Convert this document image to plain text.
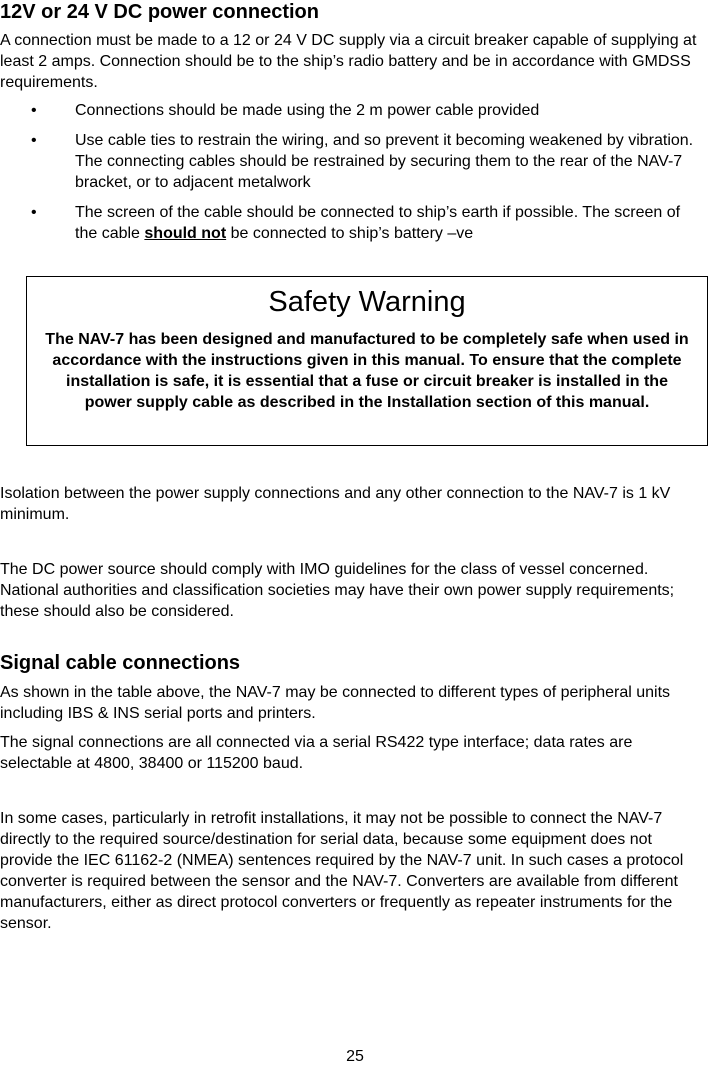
12V or 24 V DC power connection

A connection must be made to a 12 or 24 V DC supply via a circuit breaker capable of supplying at least 2 amps. Connection should be to the ship’s radio battery and be in accordance with GMDSS requirements.

• Connections should be made using the 2 m power cable provided
• Use cable ties to restrain the wiring, and so prevent it becoming weakened by vibration. The connecting cables should be restrained by securing them to the rear of the NAV-7 bracket, or to adjacent metalwork
• The screen of the cable should be connected to ship’s earth if possible. The screen of the cable should not be connected to ship’s battery –ve
Safety Warning
The NAV-7 has been designed and manufactured to be completely safe when used in accordance with the instructions given in this manual. To ensure that the complete installation is safe, it is essential that a fuse or circuit breaker is installed in the power supply cable as described in the Installation section of this manual.

Isolation between the power supply connections and any other connection to the NAV-7 is 1 kV minimum.

The DC power source should comply with IMO guidelines for the class of vessel concerned. National authorities and classification societies may have their own power supply requirements; these should also be considered.

Signal cable connections

As shown in the table above, the NAV-7 may be connected to different types of peripheral units including IBS & INS serial ports and printers.

The signal connections are all connected via a serial RS422 type interface; data rates are selectable at 4800, 38400 or 115200 baud.

In some cases, particularly in retrofit installations, it may not be possible to connect the NAV-7 directly to the required source/destination for serial data, because some equipment does not provide the IEC 61162-2 (NMEA) sentences required by the NAV-7 unit. In such cases a protocol converter is required between the sensor and the NAV-7. Converters are available from different manufacturers, either as direct protocol converters or frequently as repeater instruments for the sensor.

25
